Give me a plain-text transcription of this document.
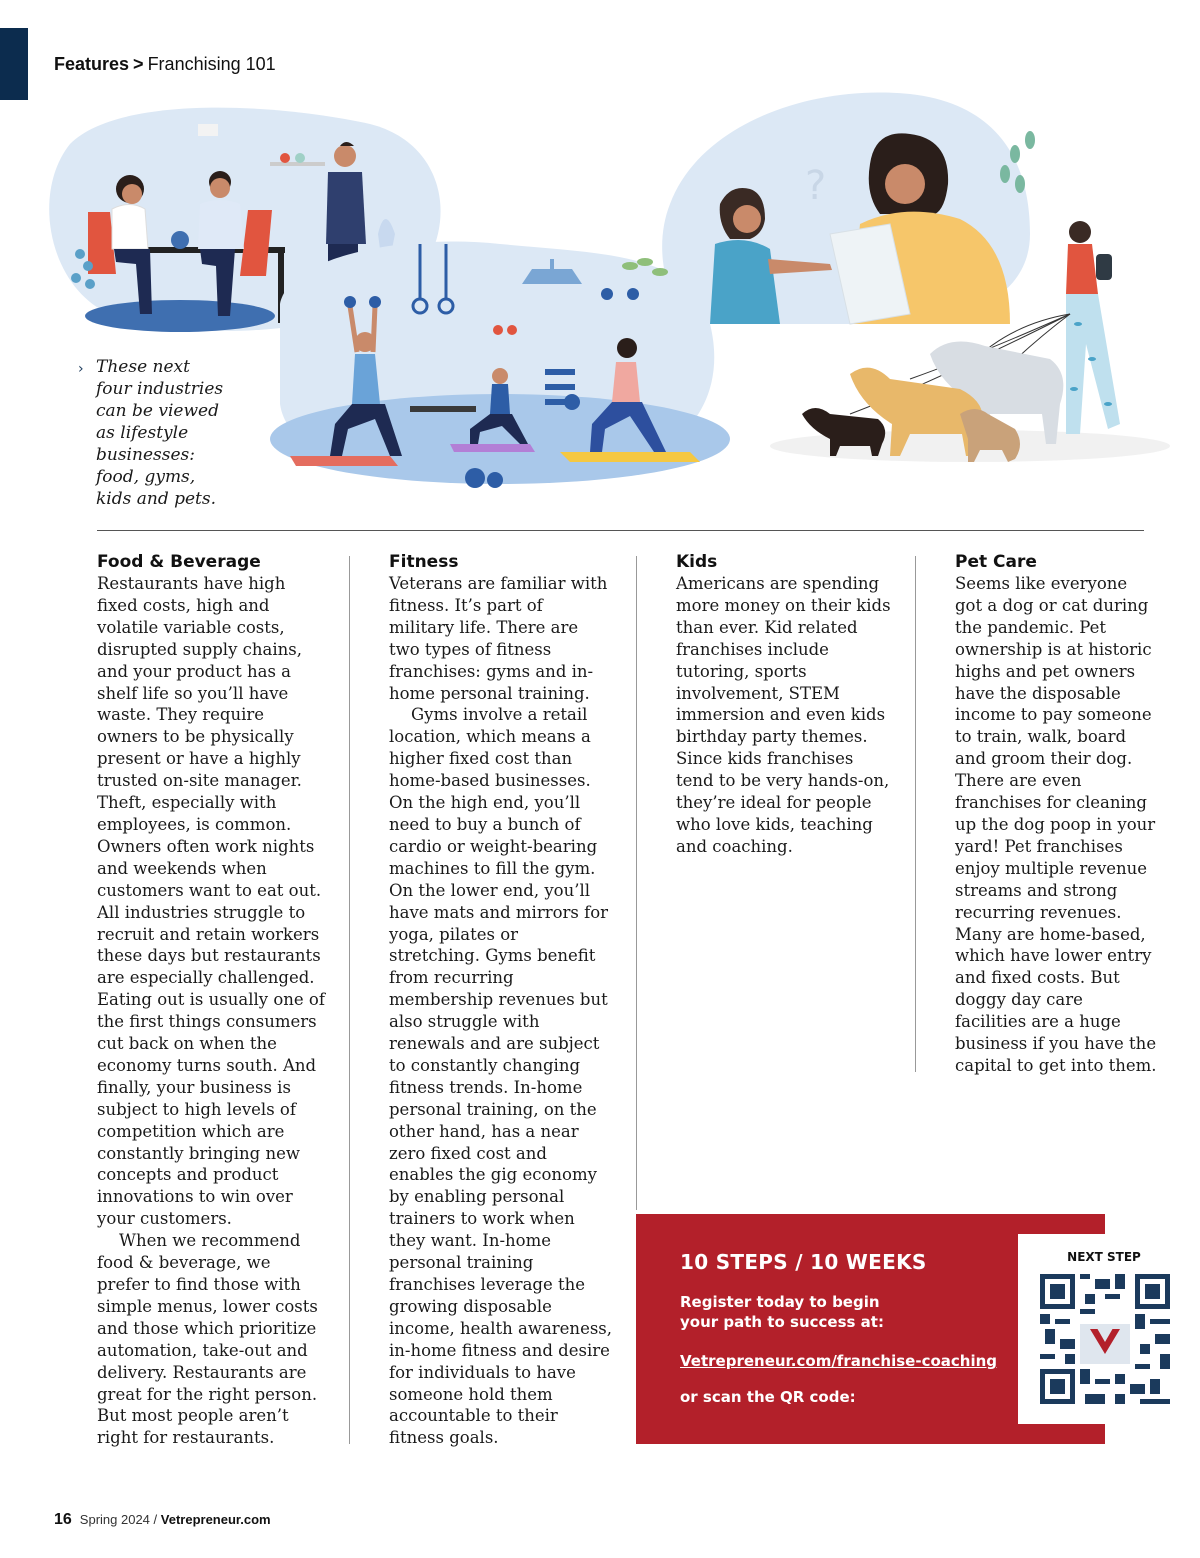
Features > Franchising 101
?
› These next four industries can be viewed as lifestyle businesses: food, gyms, kids and pets.
Food & Beverage

Restaurants have high fixed costs, high and volatile variable costs, disrupted supply chains, and your product has a shelf life so you’ll have waste. They require owners to be physically present or have a highly trusted on-site manager. Theft, especially with employees, is common. Owners often work nights and weekends when customers want to eat out. All industries struggle to recruit and retain workers these days but restaurants are especially challenged. Eating out is usually one of the first things consumers cut back on when the economy turns south. And finally, your business is subject to high levels of competition which are constantly bringing new concepts and product innovations to win over your customers.

When we recommend food & beverage, we prefer to find those with simple menus, lower costs and those which prioritize automation, take-out and delivery. Restaurants are great for the right person. But most people aren’t right for restaurants.

Fitness

Veterans are familiar with fitness. It’s part of military life. There are two types of fitness franchises: gyms and in-home personal training.

Gyms involve a retail location, which means a higher fixed cost than home-based businesses. On the high end, you’ll need to buy a bunch of cardio or weight-bearing machines to fill the gym. On the lower end, you’ll have mats and mirrors for yoga, pilates or stretching. Gyms benefit from recurring membership revenues but also struggle with renewals and are subject to constantly changing fitness trends. In-home personal training, on the other hand, has a near zero fixed cost and enables the gig economy by enabling personal trainers to work when they want. In-home personal training franchises leverage the growing disposable income, health awareness, in-home fitness and desire for individuals to have someone hold them accountable to their fitness goals.

Kids

Americans are spending more money on their kids than ever. Kid related franchises include tutoring, sports involvement, STEM immersion and even kids birthday party themes. Since kids franchises tend to be very hands-on, they’re ideal for people who love kids, teaching and coaching.

Pet Care

Seems like everyone got a dog or cat during the pandemic. Pet ownership is at historic highs and pet owners have the disposable income to pay someone to train, walk, board and groom their dog. There are even franchises for cleaning up the dog poop in your yard! Pet franchises enjoy multiple revenue streams and strong recurring revenues. Many are home-based, which have lower entry and fixed costs. But doggy day care facilities are a huge business if you have the capital to get into them.

10 STEPS / 10 WEEKS
Register today to begin your path to success at:
Vetrepreneur.com/franchise-coaching
or scan the QR code:
NEXT STEP
16 Spring 2024 / Vetrepreneur.com
